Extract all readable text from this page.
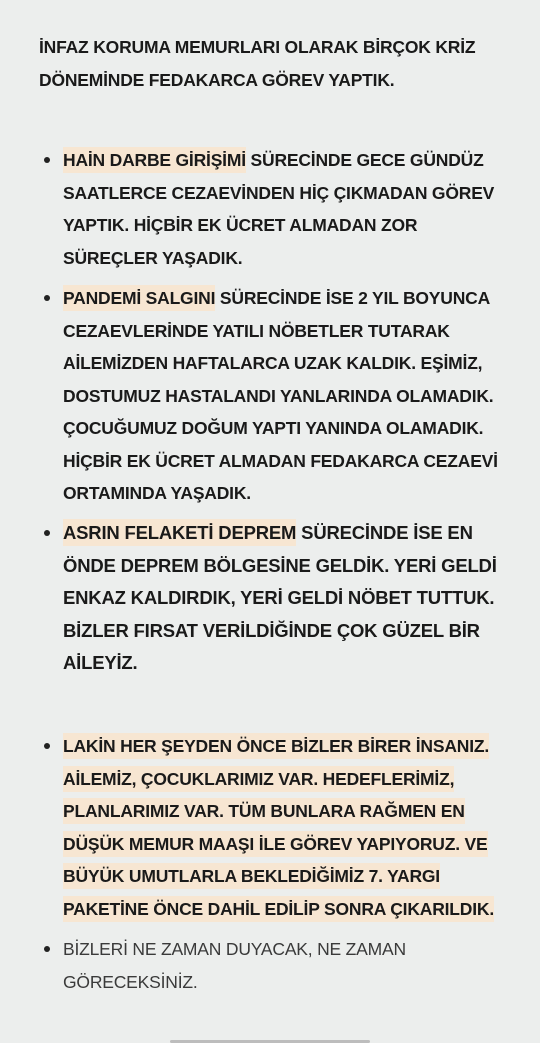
İNFAZ KORUMA MEMURLARI OLARAK BİRÇOK KRİZ DÖNEMİNDE FEDAKARCA GÖREV YAPTIK.

HAİN DARBE GİRİŞİMİ SÜRECİNDE GECE GÜNDÜZ SAATLERCE CEZAEVİNDEN HİÇ ÇIKMADAN GÖREV YAPTIK. HİÇBİR EK ÜCRET ALMADAN ZOR SÜREÇLER YAŞADIK.
PANDEMİ SALGINI SÜRECİNDE İSE 2 YIL BOYUNCA CEZAEVLERİNDE YATILI NÖBETLER TUTARAK AİLEMİZDEN HAFTALARCA UZAK KALDIK. EŞİMİZ, DOSTUMUZ HASTALANDI YANLARINDA OLAMADIK. ÇOCUĞUMUZ DOĞUM YAPTI YANINDA OLAMADIK. HİÇBİR EK ÜCRET ALMADAN FEDAKARCA CEZAEVİ ORTAMINDA YAŞADIK.
ASRIN FELAKETİ DEPREM SÜRECİNDE İSE EN ÖNDE DEPREM BÖLGESİNE GELDİK. YERİ GELDİ ENKAZ KALDIRDIK, YERİ GELDİ NÖBET TUTTUK. BİZLER FIRSAT VERİLDİĞİNDE ÇOK GÜZEL BİR AİLEYİZ.
LAKİN HER ŞEYDEN ÖNCE BİZLER BİRER İNSANIZ. AİLEMİZ, ÇOCUKLARIMIZ VAR. HEDEFLERİMİZ, PLANLARIMIZ VAR. TÜM BUNLARA RAĞMEN EN DÜŞÜK MEMUR MAAŞI İLE GÖREV YAPIYORUZ. VE BÜYÜK UMUTLARLA BEKLEDİĞİMİZ 7. YARGI PAKETİNE ÖNCE DAHİL EDİLİP SONRA ÇIKARILDIK.
BİZLERİ NE ZAMAN DUYACAK, NE ZAMAN GÖRECEKSİNİZ.
